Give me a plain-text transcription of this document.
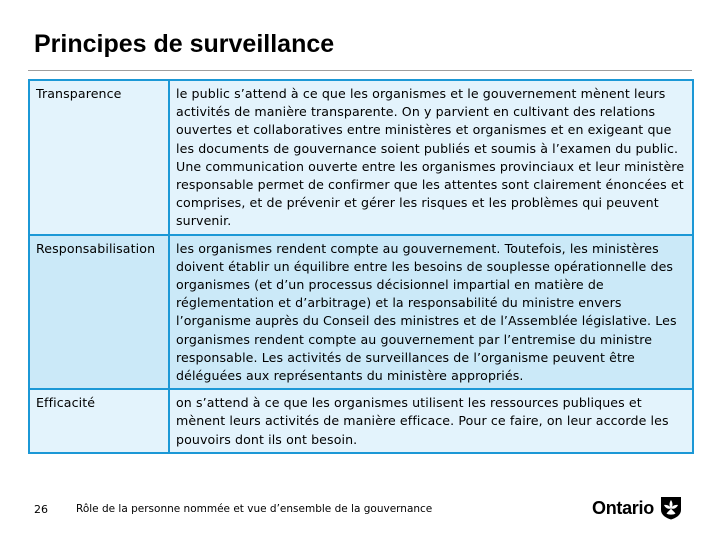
Principes de surveillance
Transparence	le public s’attend à ce que les organismes et le gouvernement mènent leurs activités de manière transparente. On y parvient en cultivant des relations ouvertes et collaboratives entre ministères et organismes et en exigeant que les documents de gouvernance soient publiés et soumis à l’examen du public. Une communication ouverte entre les organismes provinciaux et leur ministère responsable permet de confirmer que les attentes sont clairement énoncées et comprises, et de prévenir et gérer les risques et les problèmes qui peuvent survenir.
Responsabilisation	les organismes rendent compte au gouvernement. Toutefois, les ministères doivent établir un équilibre entre les besoins de souplesse opérationnelle des organismes (et d’un processus décisionnel impartial en matière de réglementation et d’arbitrage) et la responsabilité du ministre envers l’organisme auprès du Conseil des ministres et de l’Assemblée législative. Les organismes rendent compte au gouvernement par l’entremise du ministre responsable. Les activités de surveillances de l’organisme peuvent être déléguées aux représentants du ministère appropriés.
Efficacité	on s’attend à ce que les organismes utilisent les ressources publiques et mènent leurs activités de manière efficace. Pour ce faire, on leur accorde les pouvoirs dont ils ont besoin.
26	Rôle de la personne nommée et vue d’ensemble de la gouvernance	Ontario
